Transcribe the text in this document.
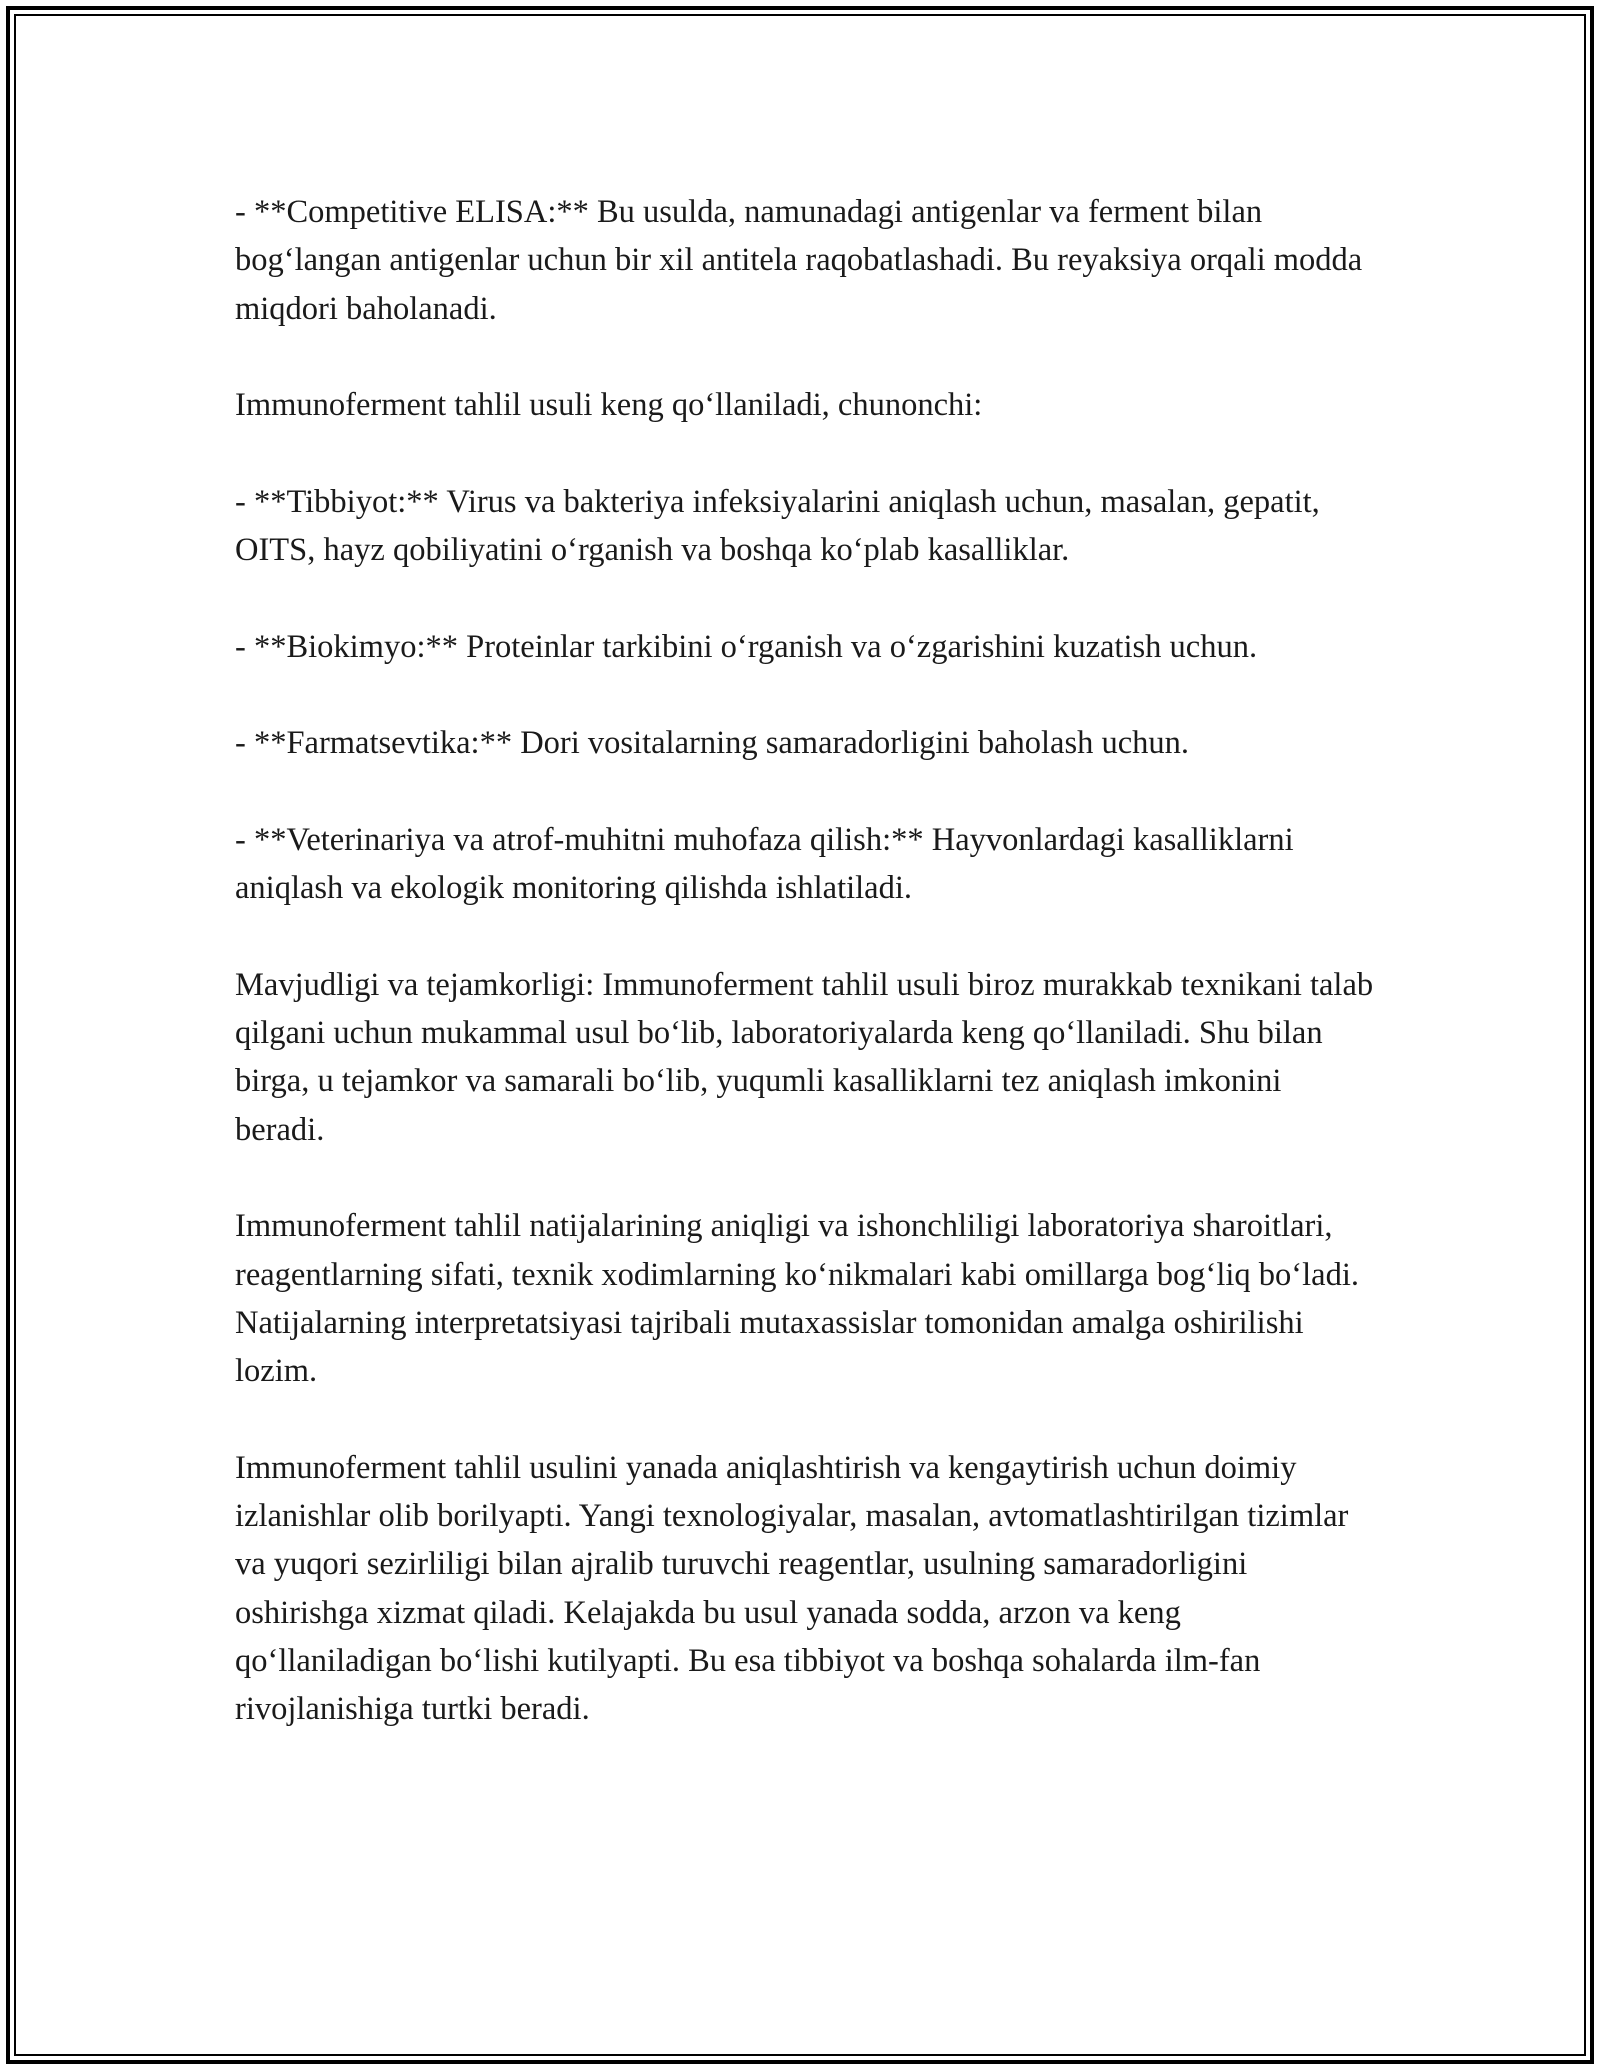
- **Competitive ELISA:** Bu usulda, namunadagi antigenlar va ferment bilan bog‘langan antigenlar uchun bir xil antitela raqobatlashadi. Bu reyaksiya orqali modda miqdori baholanadi.

Immunoferment tahlil usuli keng qo‘llaniladi, chunonchi:

- **Tibbiyot:** Virus va bakteriya infeksiyalarini aniqlash uchun, masalan, gepatit, OITS, hayz qobiliyatini o‘rganish va boshqa ko‘plab kasalliklar.

- **Biokimyo:** Proteinlar tarkibini o‘rganish va o‘zgarishini kuzatish uchun.

- **Farmatsevtika:** Dori vositalarning samaradorligini baholash uchun.

- **Veterinariya va atrof-muhitni muhofaza qilish:** Hayvonlardagi kasalliklarni aniqlash va ekologik monitoring qilishda ishlatiladi.

Mavjudligi va tejamkorligi: Immunoferment tahlil usuli biroz murakkab texnikani talab qilgani uchun mukammal usul bo‘lib, laboratoriyalarda keng qo‘llaniladi. Shu bilan birga, u tejamkor va samarali bo‘lib, yuqumli kasalliklarni tez aniqlash imkonini beradi.

Immunoferment tahlil natijalarining aniqligi va ishonchliligi laboratoriya sharoitlari, reagentlarning sifati, texnik xodimlarning ko‘nikmalari kabi omillarga bog‘liq bo‘ladi. Natijalarning interpretatsiyasi tajribali mutaxassislar tomonidan amalga oshirilishi lozim.

Immunoferment tahlil usulini yanada aniqlashtirish va kengaytirish uchun doimiy izlanishlar olib borilyapti. Yangi texnologiyalar, masalan, avtomatlashtirilgan tizimlar va yuqori sezirliligi bilan ajralib turuvchi reagentlar, usulning samaradorligini oshirishga xizmat qiladi. Kelajakda bu usul yanada sodda, arzon va keng qo‘llaniladigan bo‘lishi kutilyapti. Bu esa tibbiyot va boshqa sohalarda ilm-fan rivojlanishiga turtki beradi.
